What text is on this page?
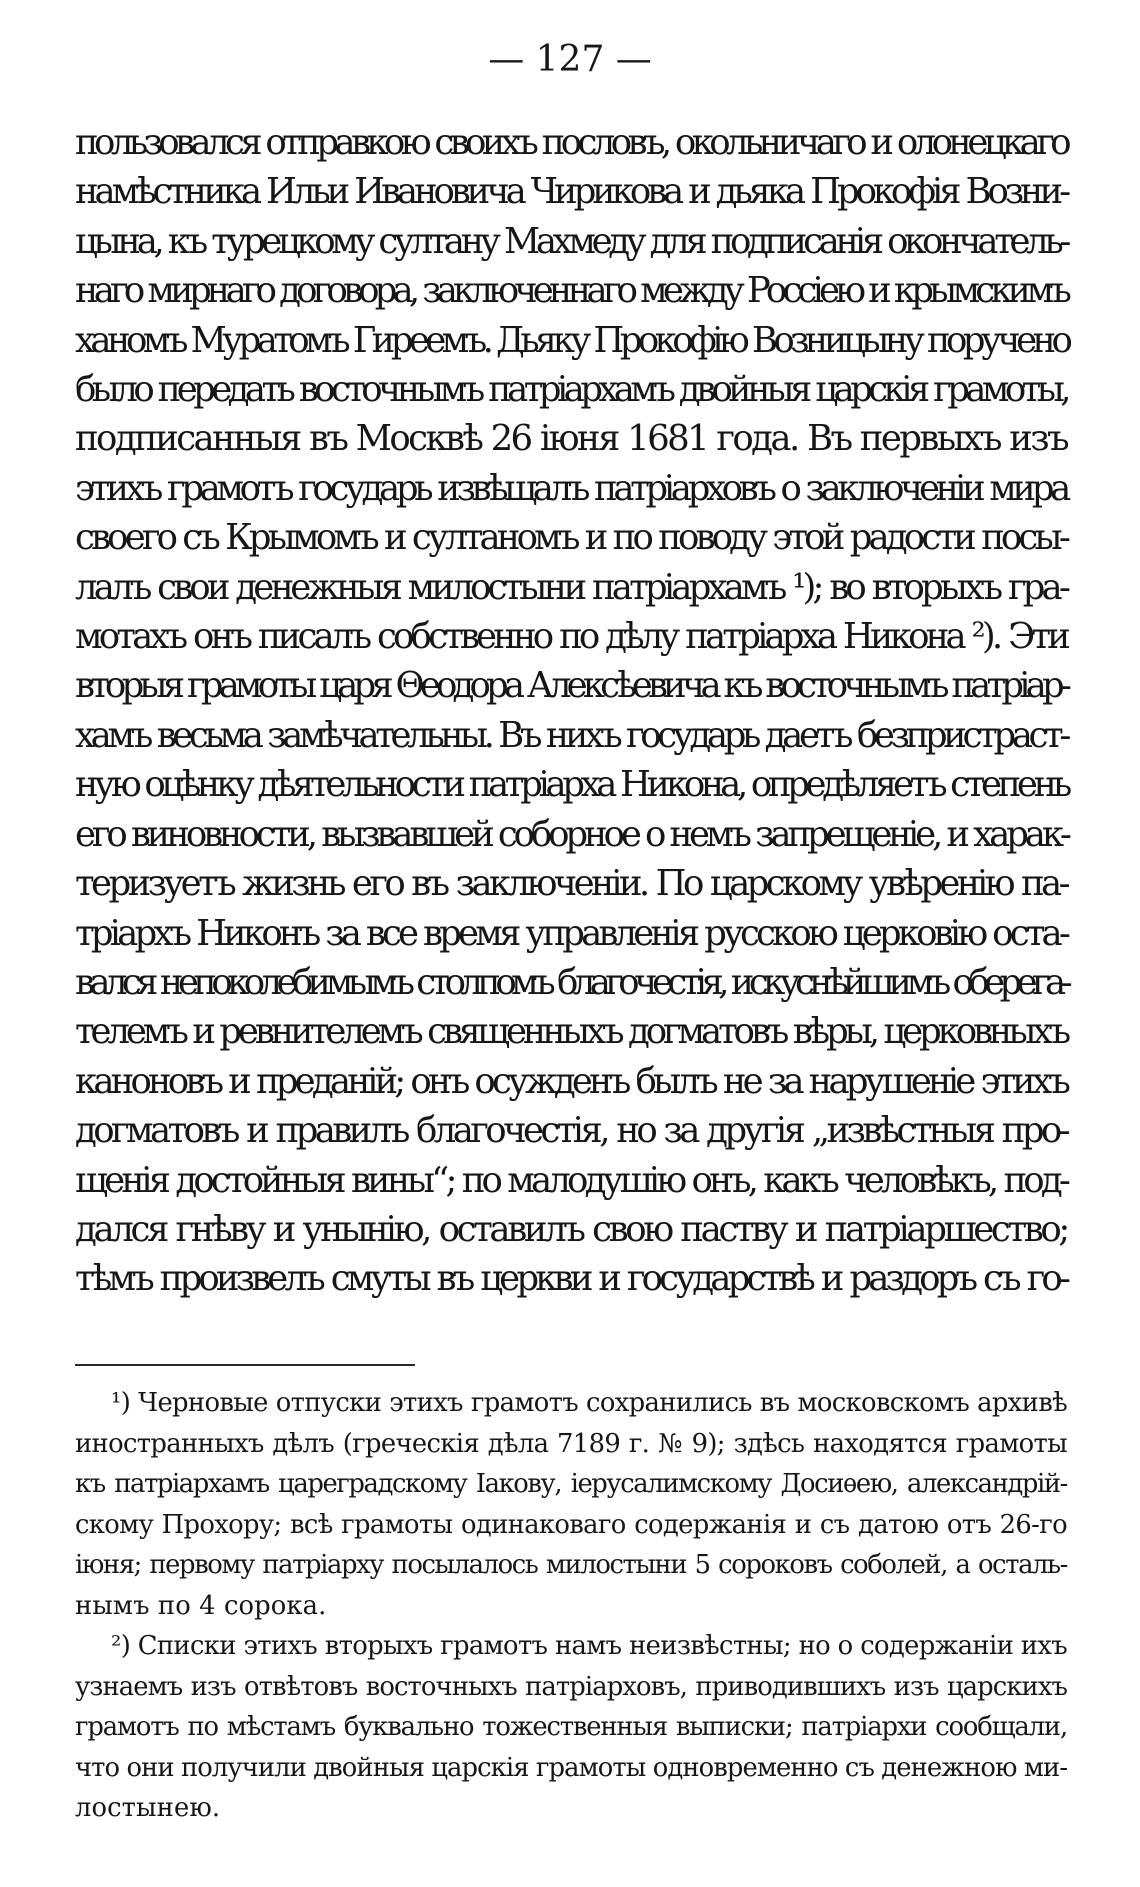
— 127 —
пользовался отправкою своихъ пословъ, окольничаго и олонецкаго
намѣстника Ильи Ивановича Чирикова и дьяка Прокофія Возни-
цына, къ турецкому султану Махмеду для подписанія окончатель-
наго мирнаго договора, заключеннаго между Россіею и крымскимъ
ханомъ Муратомъ Гиреемъ. Дьяку Прокофію Возницыну поручено
было передать восточнымъ патріархамъ двойныя царскія грамоты,
подписанныя въ Москвѣ 26 іюня 1681 года. Въ первыхъ изъ
этихъ грамотъ государь извѣщалъ патріарховъ о заключеніи мира
своего съ Крымомъ и султаномъ и по поводу этой радости посы-
лалъ свои денежныя милостыни патріархамъ ¹); во вторыхъ гра-
мотахъ онъ писалъ собственно по дѣлу патріарха Никона ²). Эти
вторыя грамоты царя Θеодора Алексѣевича къ восточнымъ патріар-
хамъ весьма замѣчательны. Въ нихъ государь даетъ безпристраст-
ную оцѣнку дѣятельности патріарха Никона, опредѣляетъ степень
его виновности, вызвавшей соборное о немъ запрещеніе, и харак-
теризуетъ жизнь его въ заключеніи. По царскому увѣренію па-
тріархъ Никонъ за все время управленія русскою церковію оста-
вался непоколебимымъ столпомъ благочестія, искуснѣйшимъ оберега-
телемъ и ревнителемъ священныхъ догматовъ вѣры, церковныхъ
каноновъ и преданій; онъ осужденъ былъ не за нарушеніе этихъ
догматовъ и правилъ благочестія, но за другія „извѣстныя про-
щенія достойныя вины“; по малодушію онъ, какъ человѣкъ, под-
дался гнѣву и унынію, оставилъ свою паству и патріаршество;
тѣмъ произвелъ смуты въ церкви и государствѣ и раздоръ съ го-
¹) Черновые отпуски этихъ грамотъ сохранились въ московскомъ архивѣ
иностранныхъ дѣлъ (греческія дѣла 7189 г. № 9); здѣсь находятся грамоты
къ патріархамъ цареградскому Іакову, іерусалимскому Досиѳею, александрій-
скому Прохору; всѣ грамоты одинаковаго содержанія и съ датою отъ 26-го
іюня; первому патріарху посылалось милостыни 5 сороковъ соболей, а осталь-
нымъ по 4 сорока.
²) Списки этихъ вторыхъ грамотъ намъ неизвѣстны; но о содержаніи ихъ
узнаемъ изъ отвѣтовъ восточныхъ патріарховъ, приводившихъ изъ царскихъ
грамотъ по мѣстамъ буквально тожественныя выписки; патріархи сообщали,
что они получили двойныя царскія грамоты одновременно съ денежною ми-
лостынею.
